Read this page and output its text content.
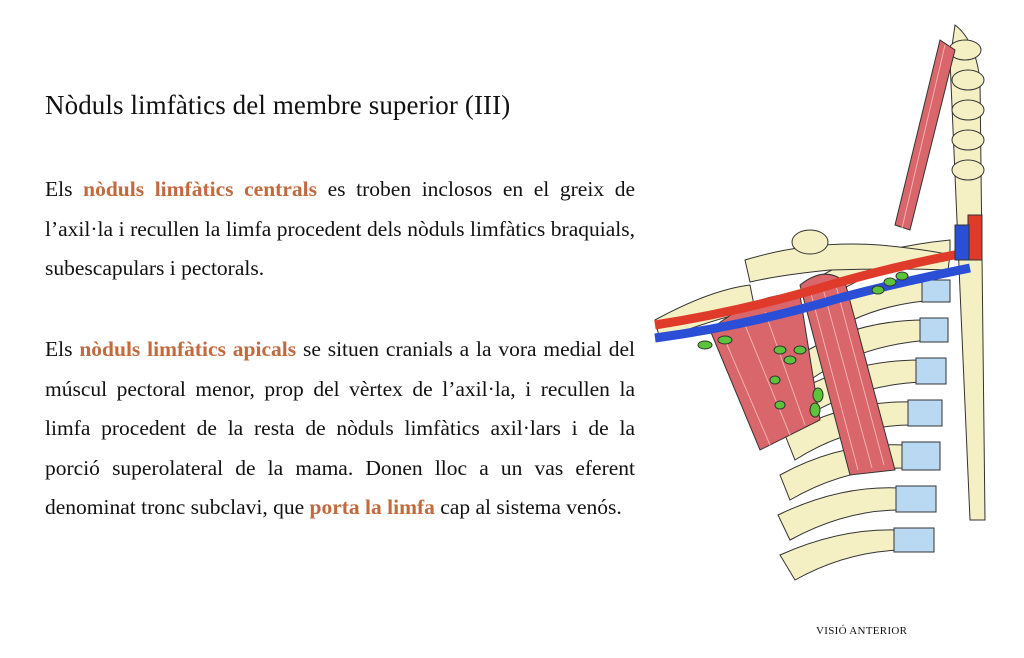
Nòduls limfàtics del membre superior (III)

Els nòduls limfàtics centrals es troben inclosos en el greix de l’axil·la i recullen la limfa procedent dels nòduls limfàtics braquials, subescapulars i pectorals.

Els nòduls limfàtics apicals se situen cranials a la vora medial del múscul pectoral menor, prop del vèrtex de l’axil·la, i recullen la limfa procedent de la resta de nòduls limfàtics axil·lars i de la porció superolateral de la mama. Donen lloc a un vas eferent denominat tronc subclavi, que porta la limfa cap al sistema venós.

VISIÓ ANTERIOR
